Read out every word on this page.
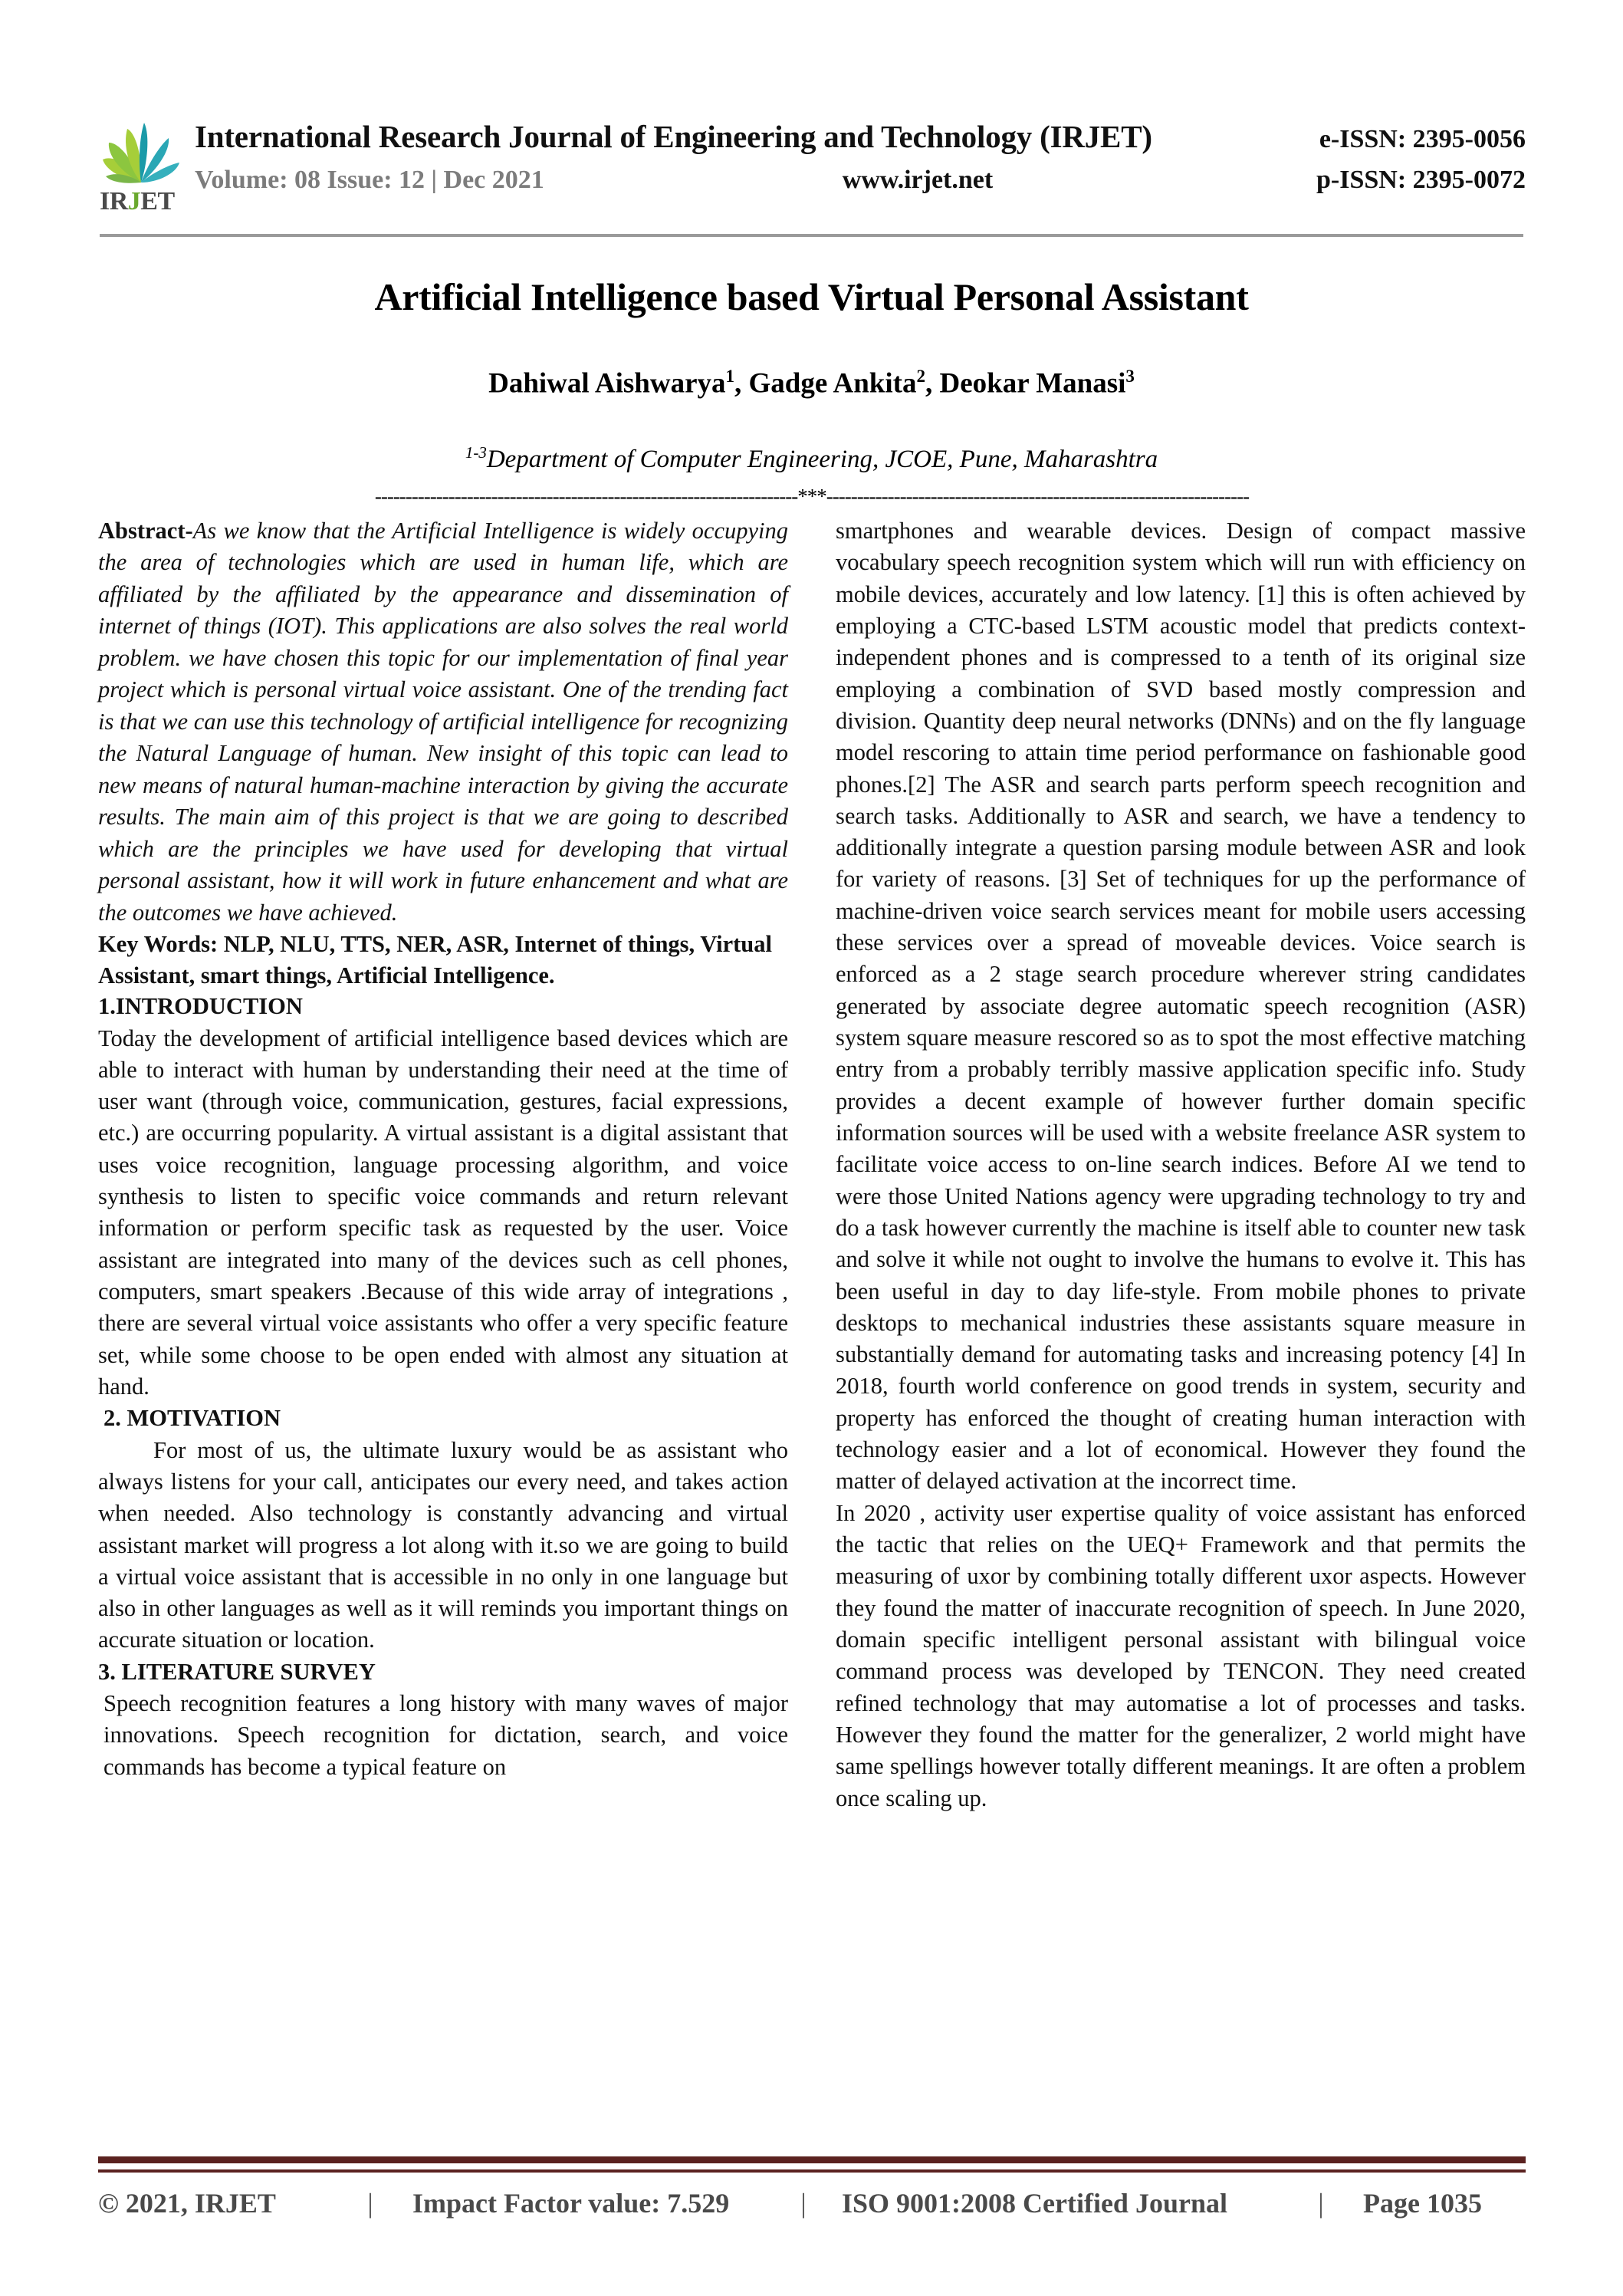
IRJET
International Research Journal of Engineering and Technology (IRJET)	e-ISSN: 2395-0056
Volume: 08 Issue: 12 | Dec 2021	www.irjet.net	p-ISSN: 2395-0072
Artificial Intelligence based Virtual Personal Assistant
Dahiwal Aishwarya$^1$, Gadge Ankita$^2$, Deokar Manasi$^3$
$^{1-3}$Department of Computer Engineering, JCOE, Pune, Maharashtra
---------------------------------------------------------------------***---------------------------------------------------------------------

Abstract-As we know that the Artificial Intelligence is widely occupying the area of technologies which are used in human life, which are affiliated by the affiliated by the appearance and dissemination of internet of things (IOT). This applications are also solves the real world problem. we have chosen this topic for our implementation of final year project which is personal virtual voice assistant. One of the trending fact is that we can use this technology of artificial intelligence for recognizing the Natural Language of human. New insight of this topic can lead to new means of natural human-machine interaction by giving the accurate results. The main aim of this project is that we are going to described which are the principles we have used for developing that virtual personal assistant, how it will work in future enhancement and what are the outcomes we have achieved.

Key Words: NLP, NLU, TTS, NER, ASR, Internet of things, Virtual Assistant, smart things, Artificial Intelligence.

1.INTRODUCTION

Today the development of artificial intelligence based devices which are able to interact with human by understanding their need at the time of user want (through voice, communication, gestures, facial expressions, etc.) are occurring popularity. A virtual assistant is a digital assistant that uses voice recognition, language processing algorithm, and voice synthesis to listen to specific voice commands and return relevant information or perform specific task as requested by the user. Voice assistant are integrated into many of the devices such as cell phones, computers, smart speakers .Because of this wide array of integrations , there are several virtual voice assistants who offer a very specific feature set, while some choose to be open ended with almost any situation at hand.

2. MOTIVATION

For most of us, the ultimate luxury would be as assistant who always listens for your call, anticipates our every need, and takes action when needed. Also technology is constantly advancing and virtual assistant market will progress a lot along with it.so we are going to build a virtual voice assistant that is accessible in no only in one language but also in other languages as well as it will reminds you important things on accurate situation or location.

3. LITERATURE SURVEY

Speech recognition features a long history with many waves of major innovations. Speech recognition for dictation, search, and voice commands has become a typical feature on

smartphones and wearable devices. Design of compact massive vocabulary speech recognition system which will run with efficiency on mobile devices, accurately and low latency. [1] this is often achieved by employing a CTC-based LSTM acoustic model that predicts context-independent phones and is compressed to a tenth of its original size employing a combination of SVD based mostly compression and division. Quantity deep neural networks (DNNs) and on the fly language model rescoring to attain time period performance on fashionable good phones.[2] The ASR and search parts perform speech recognition and search tasks. Additionally to ASR and search, we have a tendency to additionally integrate a question parsing module between ASR and look for variety of reasons. [3] Set of techniques for up the performance of machine-driven voice search services meant for mobile users accessing these services over a spread of moveable devices. Voice search is enforced as a 2 stage search procedure wherever string candidates generated by associate degree automatic speech recognition (ASR) system square measure rescored so as to spot the most effective matching entry from a probably terribly massive application specific info. Study provides a decent example of however further domain specific information sources will be used with a website freelance ASR system to facilitate voice access to on-line search indices. Before AI we tend to were those United Nations agency were upgrading technology to try and do a task however currently the machine is itself able to counter new task and solve it while not ought to involve the humans to evolve it. This has been useful in day to day life-style. From mobile phones to private desktops to mechanical industries these assistants square measure in substantially demand for automating tasks and increasing potency [4] In 2018, fourth world conference on good trends in system, security and property has enforced the thought of creating human interaction with technology easier and a lot of economical. However they found the matter of delayed activation at the incorrect time.

In 2020 , activity user expertise quality of voice assistant has enforced the tactic that relies on the UEQ+ Framework and that permits the measuring of uxor by combining totally different uxor aspects. However they found the matter of inaccurate recognition of speech. In June 2020, domain specific intelligent personal assistant with bilingual voice command process was developed by TENCON. They need created refined technology that may automatise a lot of processes and tasks. However they found the matter for the generalizer, 2 world might have same spellings however totally different meanings. It are often a problem once scaling up.

© 2021, IRJET	|	Impact Factor value: 7.529	|	ISO 9001:2008 Certified Journal	|	Page 1035
